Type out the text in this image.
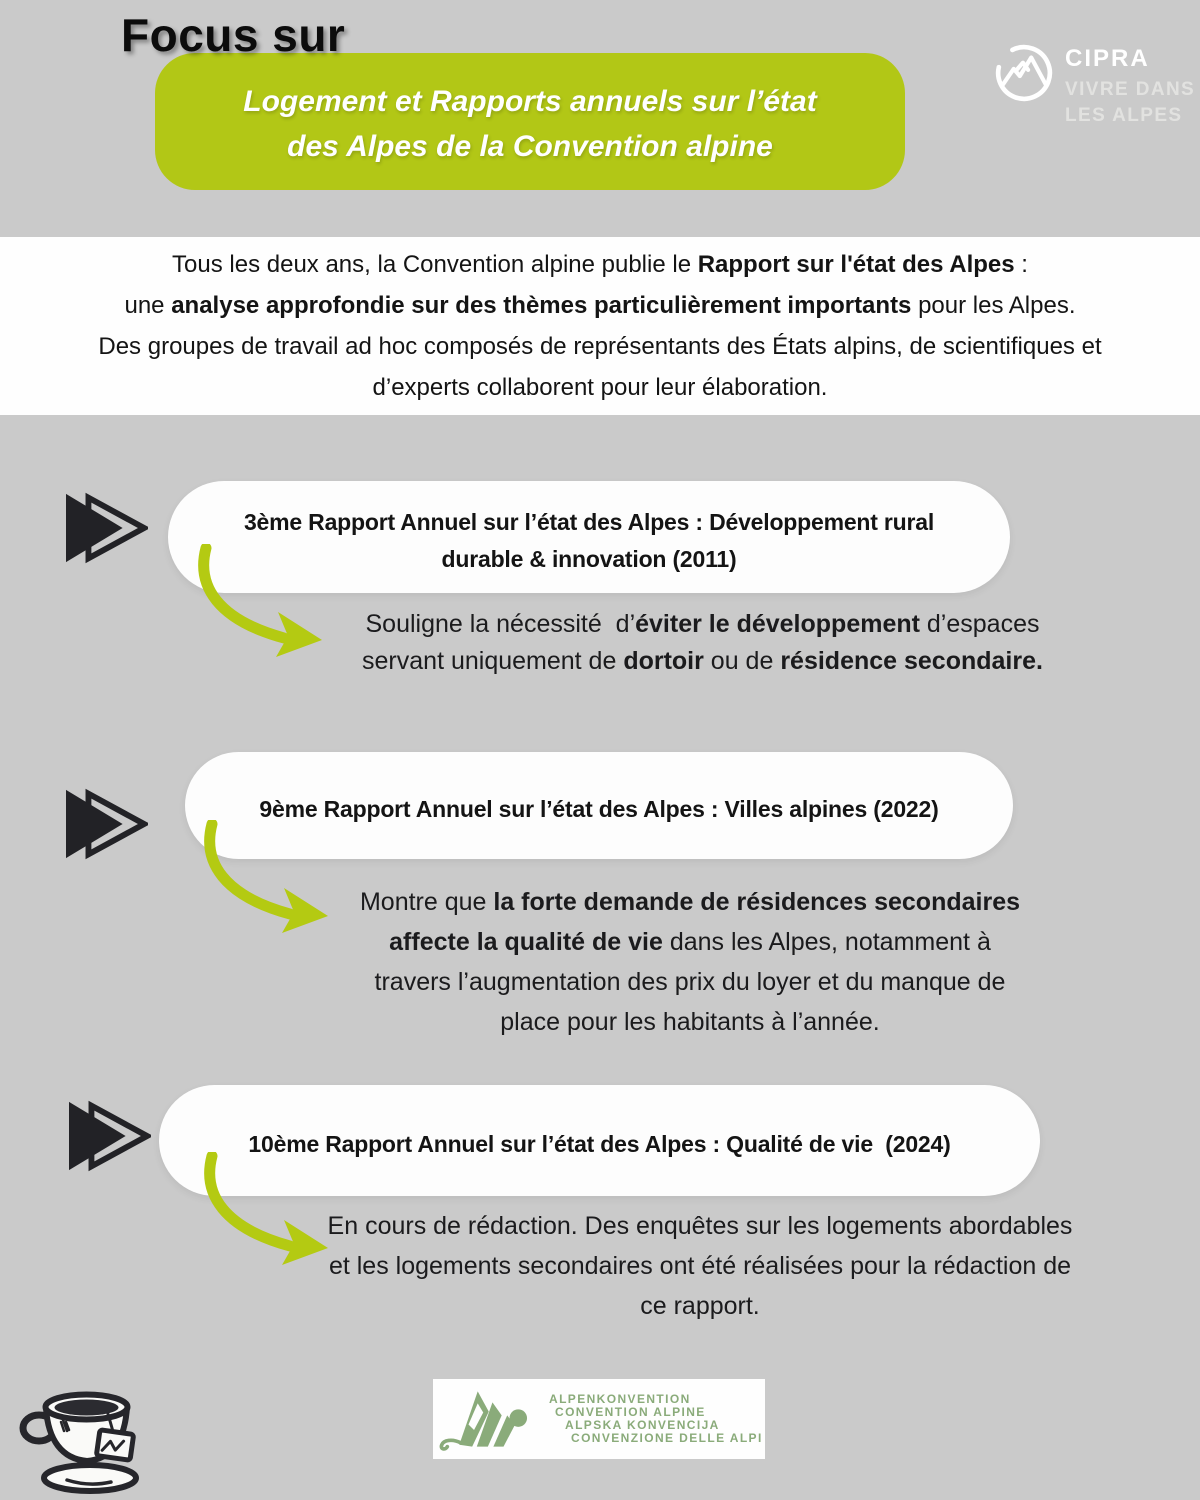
Focus sur
Logement et Rapports annuels sur l’état
des Alpes de la Convention alpine
CIPRA
VIVRE DANS
LES ALPES
Tous les deux ans, la Convention alpine publie le Rapport sur l'état des Alpes :
une analyse approfondie sur des thèmes particulièrement importants pour les Alpes.
Des groupes de travail ad hoc composés de représentants des États alpins, de scientifiques et
d’experts collaborent pour leur élaboration.
3ème Rapport Annuel sur l’état des Alpes : Développement rural
durable & innovation (2011)
Souligne la nécessité  d’éviter le développement d’espaces
servant uniquement de dortoir ou de résidence secondaire.
9ème Rapport Annuel sur l’état des Alpes : Villes alpines (2022)
Montre que la forte demande de résidences secondaires
affecte la qualité de vie dans les Alpes, notamment à
travers l’augmentation des prix du loyer et du manque de
place pour les habitants à l’année.
10ème Rapport Annuel sur l’état des Alpes : Qualité de vie  (2024)
En cours de rédaction. Des enquêtes sur les logements abordables
et les logements secondaires ont été réalisées pour la rédaction de
ce rapport.
ALPENKONVENTION
CONVENTION ALPINE
ALPSKA KONVENCIJA
CONVENZIONE DELLE ALPI
